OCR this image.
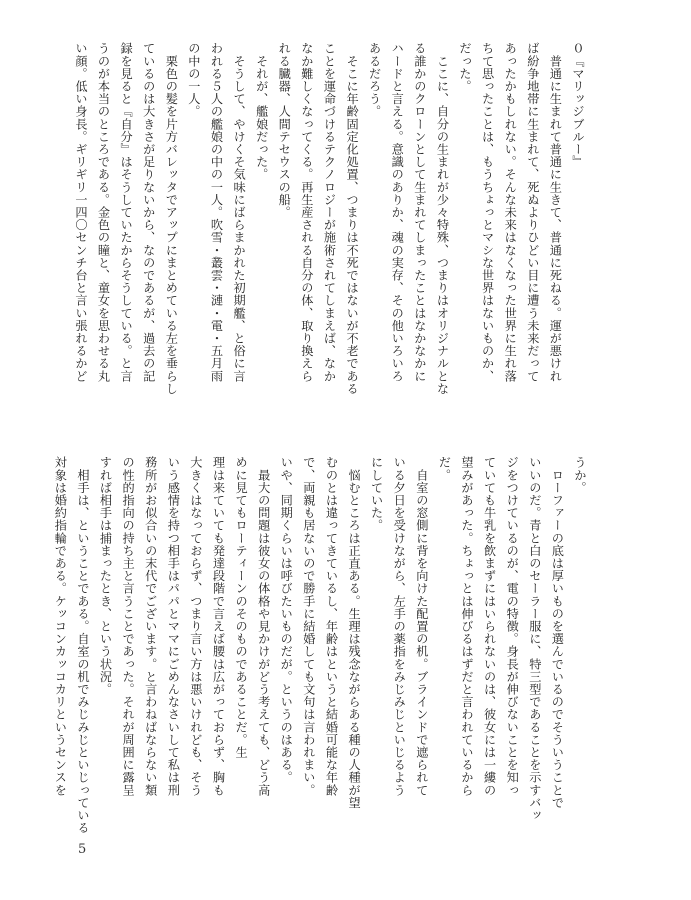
０『マリッジブルー』
　普通に生まれて普通に生きて、普通に死ねる。運が悪けれ
ば紛争地帯に生まれて、死ぬよりひどい目に遭う未来だって
あったかもしれない。そんな未来はなくなった世界に生れ落
ちて思ったことは、もうちょっとマシな世界はないものか、
だった。
　ここに、自分の生まれが少々特殊、つまりはオリジナルとな
る誰かのクローンとして生まれてしまったことはなかなかに
ハードと言える。意識のありか、魂の実存、その他いろいろ
あるだろう。
　そこに年齢固定化処置、つまりは不死ではないが不老である
ことを運命づけるテクノロジーが施術されてしまえば、なか
なか難しくなってくる。再生産される自分の体、取り換えら
れる臓器、人間テセウスの船。
　それが、艦娘だった。
　そうして、やけくそ気味にばらまかれた初期艦、と俗に言
われる５人の艦娘の中の一人。吹雪・叢雲・漣・電・五月雨
の中の一人。
　栗色の髪を片方バレッタでアップにまとめている左を垂らし
ているのは大きさが足りないから、なのであるが、過去の記
録を見ると『自分』はそうしていたからそうしている。と言
うのが本当のところである。金色の瞳と、童女を思わせる丸
い顔。低い身長。ギリギリ一四〇センチ台と言い張れるかど
うか。
　ローファーの底は厚いものを選んでいるのでそういうことで
いいのだ。青と白のセーラー服に、特三型であることを示すバッ
ジをつけているのが、電の特徴。身長が伸びないことを知っ
ていても牛乳を飲まずにはいられないのは、彼女には一縷の
望みがあった。ちょっとは伸びるはずだと言われているから
だ。
　自室の窓側に背を向けた配置の机。ブラインドで遮られて
いる夕日を受けながら、左手の薬指をみじみじといじるよう
にしていた。
　悩むところは正直ある。生理は残念ながらある種の人種が望
むのとは違ってきているし、年齢はというと結婚可能な年齢
で、両親も居ないので勝手に結婚しても文句は言われまい。
いや、同期くらいは呼びたいものだが。というのはある。
　最大の問題は彼女の体格や見かけがどう考えても、どう高
めに見てもローティーンのそのものであることだ。生
理は来ていても発達段階で言えば腰は広がっておらず、胸も
大きくはなっておらず、つまり言い方は悪いけれども、そう
いう感情を持つ相手はパパとママにごめんなさいして私は刑
務所がお似合いの末代でございます。と言わねばならない類
の性的指向の持ち主と言うことであった。それが周囲に露呈
すれば相手は捕まったとき、という状況。
　相手は、ということである。自室の机でみじみじといじっている
対象は婚約指輪である。ケッコンカッコカリというセンスを
5
